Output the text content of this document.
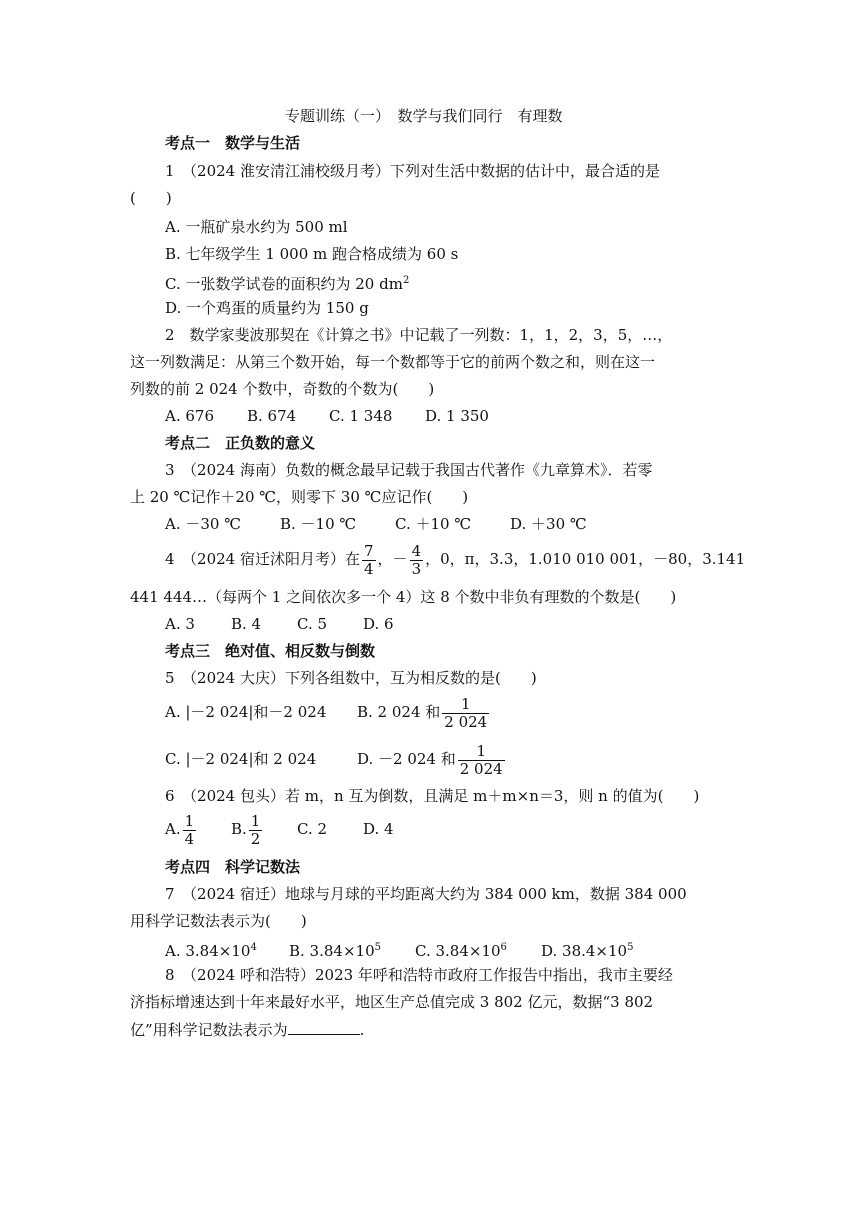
专题训练（一）　数学与我们同行　有理数
考点一　数学与生活
1　（2024 淮安清江浦校级月考）下列对生活中数据的估计中，最合适的是
(　　)
A. 一瓶矿泉水约为 500 ml
B. 七年级学生 1 000 m 跑合格成绩为 60 s
C. 一张数学试卷的面积约为 20 $dm^2$
D. 一个鸡蛋的质量约为 150 g
2　数学家斐波那契在《计算之书》中记载了一列数：1，1，2，3，5，…，
这一列数满足：从第三个数开始，每一个数都等于它的前两个数之和，则在这一
列数的前 2 024 个数中，奇数的个数为(　　)
A. 676 B. 674 C. 1 348 D. 1 350
考点二　正负数的意义
3　（2024 海南）负数的概念最早记载于我国古代著作《九章算术》．若零
上 20 ℃记作＋20 ℃，则零下 30 ℃应记作(　　)
A. －30 ℃	B. －10 ℃	C. ＋10 ℃	D. ＋30 ℃
4　（2024 宿迁沭阳月考）在 $\frac{7}{4}$ ，－ $\frac{4}{3}$ ，0，π，3.3，1.010 010 001，－80，3.141
441 444…（每两个 1 之间依次多一个 4）这 8 个数中非负有理数的个数是(　　)
A. 3 B. 4 C. 5 D. 6
考点三　绝对值、相反数与倒数
5　（2024 大庆）下列各组数中，互为相反数的是(　　)
A. |－2 024|和－2 024 B. 2 024 和 $\frac{1}{2 024}$
C. |－2 024|和 2 024	D. －2 024 和 $\frac{1}{2 024}$
6　（2024 包头）若 m，n 互为倒数，且满足 m＋m×n＝3，则 n 的值为(　　)
A. $\frac{1}{4} B$. $\frac{1}{2} C$. 2 D. 4
考点四　科学记数法
7　（2024 宿迁）地球与月球的平均距离大约为 384 000 km，数据 384 000
用科学记数法表示为(　　)
A. $3.84\times 10^4$ B. $3.84\times 10^5$ C. $3.84\times 10^6$ D. $38.4\times 10^5$
8　（2024 呼和浩特）2023 年呼和浩特市政府工作报告中指出，我市主要经
济指标增速达到十年来最好水平，地区生产总值完成 3 802 亿元，数据“3 802
亿”用科学记数法表示为	.
